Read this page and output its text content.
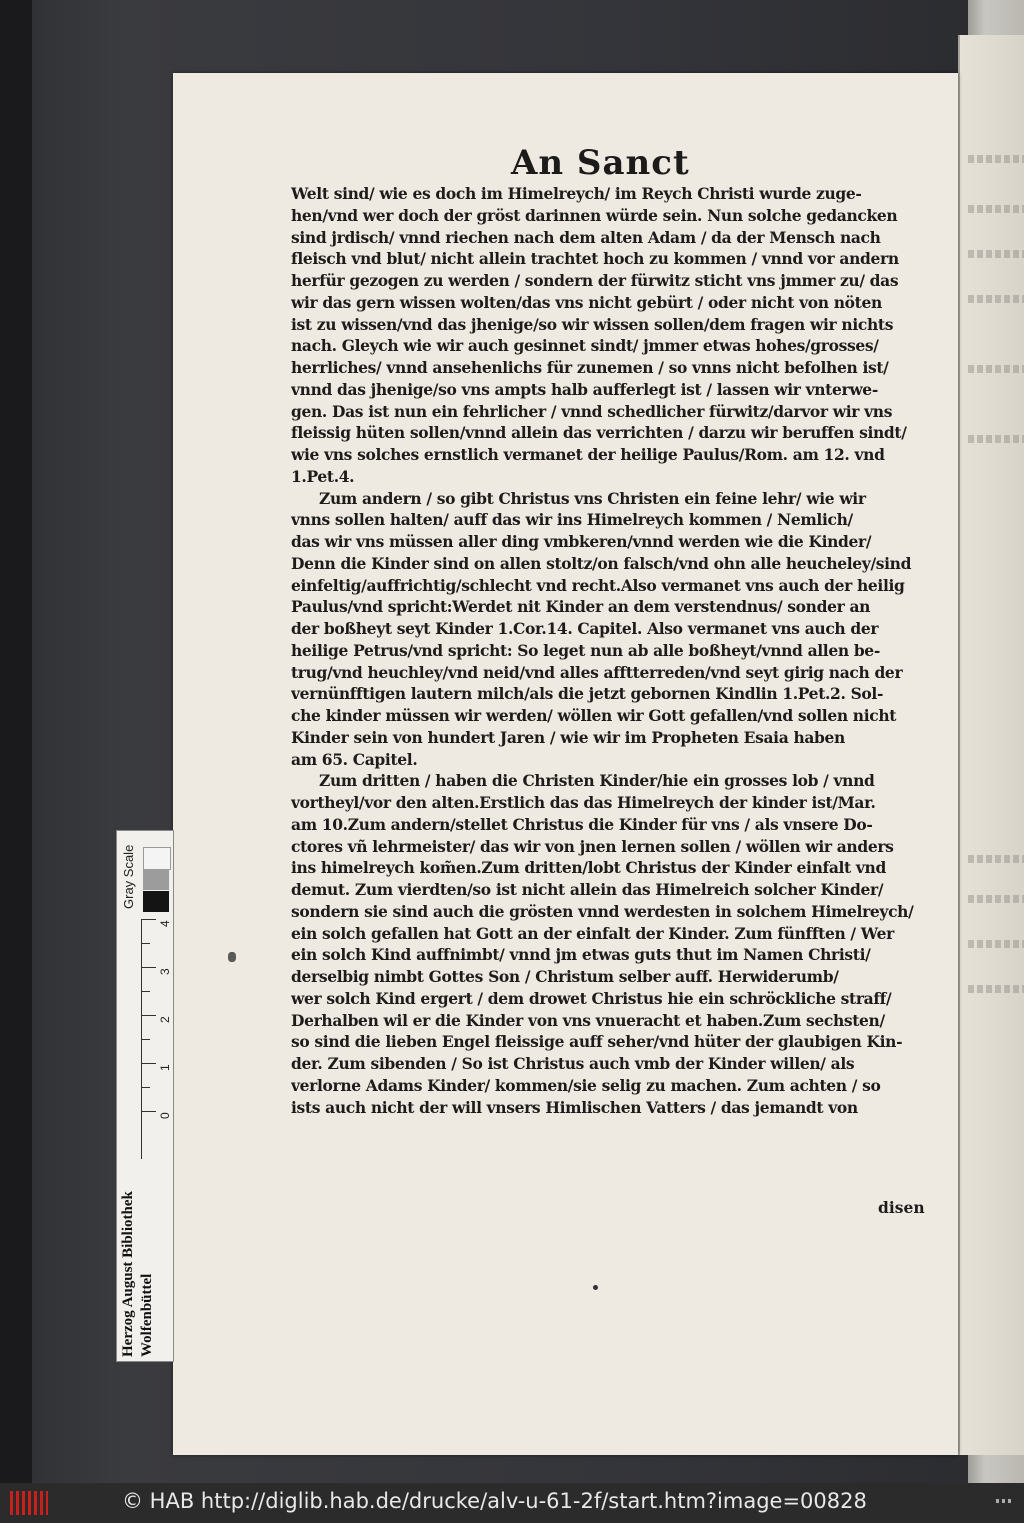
An Sanct
Welt sind/ wie es doch im Himelreych/ im Reych Christi wurde zuge-
hen/vnd wer doch der gröst darinnen würde sein. Nun solche gedancken
sind jrdisch/ vnnd riechen nach dem alten Adam / da der Mensch nach
fleisch vnd blut/ nicht allein trachtet hoch zu kommen / vnnd vor andern
herfür gezogen zu werden / sondern der fürwitz sticht vns jmmer zu/ das
wir das gern wissen wolten/das vns nicht gebürt / oder nicht von nöten
ist zu wissen/vnd das jhenige/so wir wissen sollen/dem fragen wir nichts
nach. Gleych wie wir auch gesinnet sindt/ jmmer etwas hohes/grosses/
herrliches/ vnnd ansehenlichs für zunemen / so vnns nicht befolhen ist/
vnnd das jhenige/so vns ampts halb aufferlegt ist / lassen wir vnterwe-
gen. Das ist nun ein fehrlicher / vnnd schedlicher fürwitz/darvor wir vns
fleissig hüten sollen/vnnd allein das verrichten / darzu wir beruffen sindt/
wie vns solches ernstlich vermanet der heilige Paulus/Rom. am 12. vnd
1.Pet.4.
Zum andern / so gibt Christus vns Christen ein feine lehr/ wie wir
vnns sollen halten/ auff das wir ins Himelreych kommen / Nemlich/
das wir vns müssen aller ding vmbkeren/vnnd werden wie die Kinder/
Denn die Kinder sind on allen stoltz/on falsch/vnd ohn alle heucheley/sind
einfeltig/auffrichtig/schlecht vnd recht.Also vermanet vns auch der heilig
Paulus/vnd spricht:Werdet nit Kinder an dem verstendnus/ sonder an
der boßheyt seyt Kinder 1.Cor.14. Capitel. Also vermanet vns auch der
heilige Petrus/vnd spricht: So leget nun ab alle boßheyt/vnnd allen be-
trug/vnd heuchley/vnd neid/vnd alles afftterreden/vnd seyt girig nach der
vernünfftigen lautern milch/als die jetzt gebornen Kindlin 1.Pet.2. Sol-
che kinder müssen wir werden/ wöllen wir Gott gefallen/vnd sollen nicht
Kinder sein von hundert Jaren / wie wir im Propheten Esaia haben
am 65. Capitel.
Zum dritten / haben die Christen Kinder/hie ein grosses lob / vnnd
vortheyl/vor den alten.Erstlich das das Himelreych der kinder ist/Mar.
am 10.Zum andern/stellet Christus die Kinder für vns / als vnsere Do-
ctores vñ lehrmeister/ das wir von jnen lernen sollen / wöllen wir anders
ins himelreych kom̃en.Zum dritten/lobt Christus der Kinder einfalt vnd
demut. Zum vierdten/so ist nicht allein das Himelreich solcher Kinder/
sondern sie sind auch die grösten vnnd werdesten in solchem Himelreych/
ein solch gefallen hat Gott an der einfalt der Kinder. Zum fünfften / Wer
ein solch Kind auffnimbt/ vnnd jm etwas guts thut im Namen Christi/
derselbig nimbt Gottes Son / Christum selber auff. Herwiderumb/
wer solch Kind ergert / dem drowet Christus hie ein schröckliche straff/
Derhalben wil er die Kinder von vns vnueracht et haben.Zum sechsten/
so sind die lieben Engel fleissige auff seher/vnd hüter der glaubigen Kin-
der. Zum sibenden / So ist Christus auch vmb der Kinder willen/ als
verlorne Adams Kinder/ kommen/sie selig zu machen. Zum achten / so
ists auch nicht der will vnsers Himlischen Vatters / das jemandt von
disen
Gray Scale
4
3
2
1
0
Herzog August Bibliothek Wolfenbüttel
© HAB http://diglib.hab.de/drucke/alv-u-61-2f/start.htm?image=00828
